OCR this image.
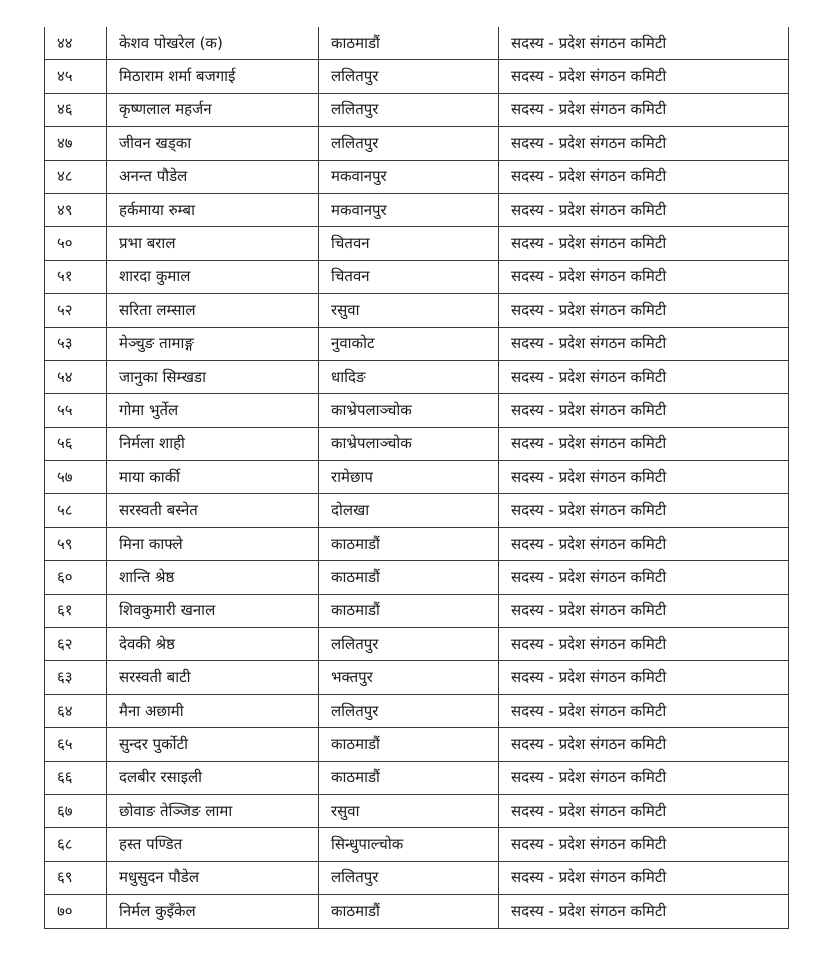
४४	केशव पोखरेल (क)	काठमाडौं	सदस्य - प्रदेश संगठन कमिटी
४५	मिठाराम शर्मा बजगाई	ललितपुर	सदस्य - प्रदेश संगठन कमिटी
४६	कृष्णलाल महर्जन	ललितपुर	सदस्य - प्रदेश संगठन कमिटी
४७	जीवन खड्का	ललितपुर	सदस्य - प्रदेश संगठन कमिटी
४८	अनन्त पौडेल	मकवानपुर	सदस्य - प्रदेश संगठन कमिटी
४९	हर्कमाया रुम्बा	मकवानपुर	सदस्य - प्रदेश संगठन कमिटी
५०	प्रभा बराल	चितवन	सदस्य - प्रदेश संगठन कमिटी
५१	शारदा कुमाल	चितवन	सदस्य - प्रदेश संगठन कमिटी
५२	सरिता लम्साल	रसुवा	सदस्य - प्रदेश संगठन कमिटी
५३	मेञ्चुङ तामाङ्ग	नुवाकोट	सदस्य - प्रदेश संगठन कमिटी
५४	जानुका सिम्खडा	धादिङ	सदस्य - प्रदेश संगठन कमिटी
५५	गोमा भुर्तेल	काभ्रेपलाञ्चोक	सदस्य - प्रदेश संगठन कमिटी
५६	निर्मला शाही	काभ्रेपलाञ्चोक	सदस्य - प्रदेश संगठन कमिटी
५७	माया कार्की	रामेछाप	सदस्य - प्रदेश संगठन कमिटी
५८	सरस्वती बस्नेत	दोलखा	सदस्य - प्रदेश संगठन कमिटी
५९	मिना काफ्ले	काठमाडौं	सदस्य - प्रदेश संगठन कमिटी
६०	शान्ति श्रेष्ठ	काठमाडौं	सदस्य - प्रदेश संगठन कमिटी
६१	शिवकुमारी खनाल	काठमाडौं	सदस्य - प्रदेश संगठन कमिटी
६२	देवकी श्रेष्ठ	ललितपुर	सदस्य - प्रदेश संगठन कमिटी
६३	सरस्वती बाटी	भक्तपुर	सदस्य - प्रदेश संगठन कमिटी
६४	मैना अछामी	ललितपुर	सदस्य - प्रदेश संगठन कमिटी
६५	सुन्दर पुर्कोटी	काठमाडौं	सदस्य - प्रदेश संगठन कमिटी
६६	दलबीर रसाइली	काठमाडौं	सदस्य - प्रदेश संगठन कमिटी
६७	छोवाङ तेञ्जिङ लामा	रसुवा	सदस्य - प्रदेश संगठन कमिटी
६८	हस्त पण्डित	सिन्धुपाल्चोक	सदस्य - प्रदेश संगठन कमिटी
६९	मधुसुदन पौडेल	ललितपुर	सदस्य - प्रदेश संगठन कमिटी
७०	निर्मल कुइँकेल	काठमाडौं	सदस्य - प्रदेश संगठन कमिटी
